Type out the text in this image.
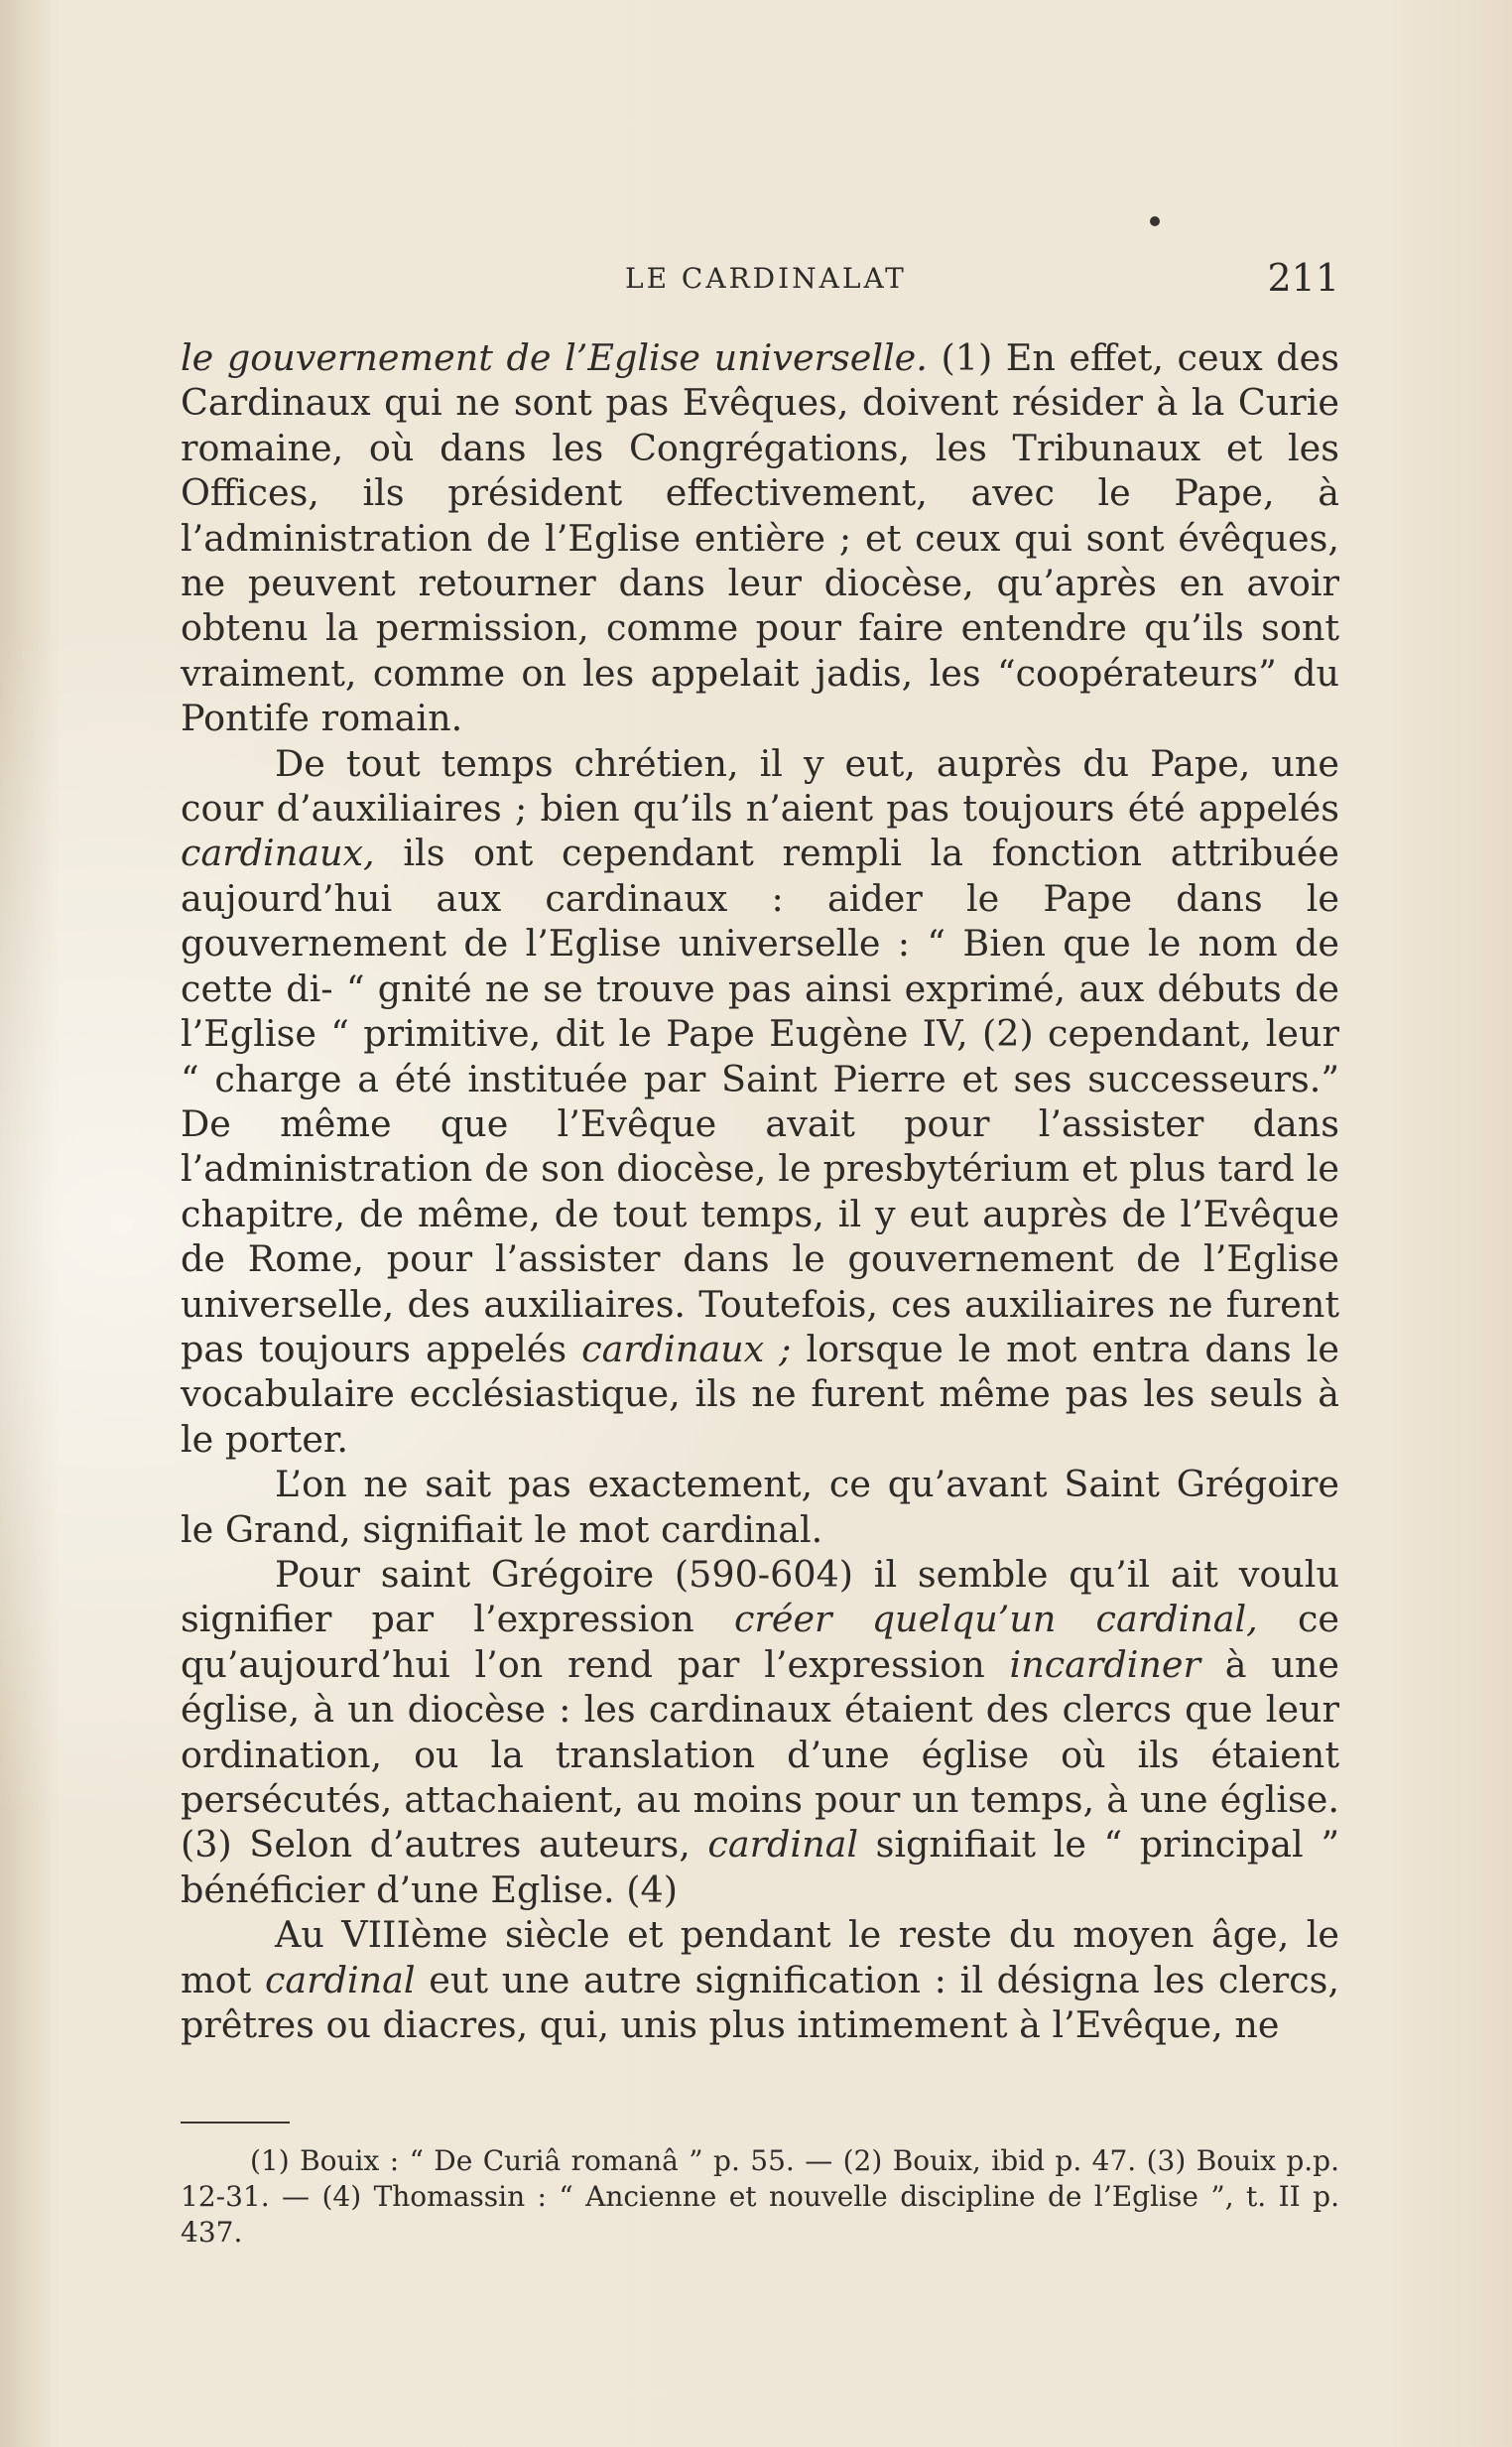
LE CARDINALAT	211

le gouvernement de l’Eglise universelle. (1) En effet, ceux des Cardinaux qui ne sont pas Evêques, doivent résider à la Curie romaine, où dans les Congrégations, les Tribunaux et les Offices, ils président effectivement, avec le Pape, à l’administration de l’Eglise entière ; et ceux qui sont évêques, ne peuvent retourner dans leur diocèse, qu’après en avoir obtenu la permission, comme pour faire entendre qu’ils sont vraiment, comme on les appelait jadis, les “coopérateurs” du Pontife romain.

De tout temps chrétien, il y eut, auprès du Pape, une cour d’auxiliaires ; bien qu’ils n’aient pas toujours été appelés cardinaux, ils ont cependant rempli la fonction attribuée aujourd’hui aux cardinaux : aider le Pape dans le gouvernement de l’Eglise universelle : “ Bien que le nom de cette di- “ gnité ne se trouve pas ainsi exprimé, aux débuts de l’Eglise “ primitive, dit le Pape Eugène IV, (2) cependant, leur “ charge a été instituée par Saint Pierre et ses successeurs.” De même que l’Evêque avait pour l’assister dans l’administration de son diocèse, le presbytérium et plus tard le chapitre, de même, de tout temps, il y eut auprès de l’Evêque de Rome, pour l’assister dans le gouvernement de l’Eglise universelle, des auxiliaires. Toutefois, ces auxiliaires ne furent pas toujours appelés cardinaux ; lorsque le mot entra dans le vocabulaire ecclésiastique, ils ne furent même pas les seuls à le porter.

L’on ne sait pas exactement, ce qu’avant Saint Grégoire le Grand, signifiait le mot cardinal.

Pour saint Grégoire (590-604) il semble qu’il ait voulu signifier par l’expression créer quelqu’un cardinal, ce qu’aujourd’hui l’on rend par l’expression incardiner à une église, à un diocèse : les cardinaux étaient des clercs que leur ordination, ou la translation d’une église où ils étaient persécutés, attachaient, au moins pour un temps, à une église. (3) Selon d’autres auteurs, cardinal signifiait le “ principal ” bénéficier d’une Eglise. (4)

Au VIIIème siècle et pendant le reste du moyen âge, le mot cardinal eut une autre signification : il désigna les clercs, prêtres ou diacres, qui, unis plus intimement à l’Evêque, ne

(1) Bouix : “ De Curiâ romanâ ” p. 55. — (2) Bouix, ibid p. 47. (3) Bouix p.p. 12-31. — (4) Thomassin : “ Ancienne et nouvelle discipline de l’Eglise ”, t. II p. 437.
